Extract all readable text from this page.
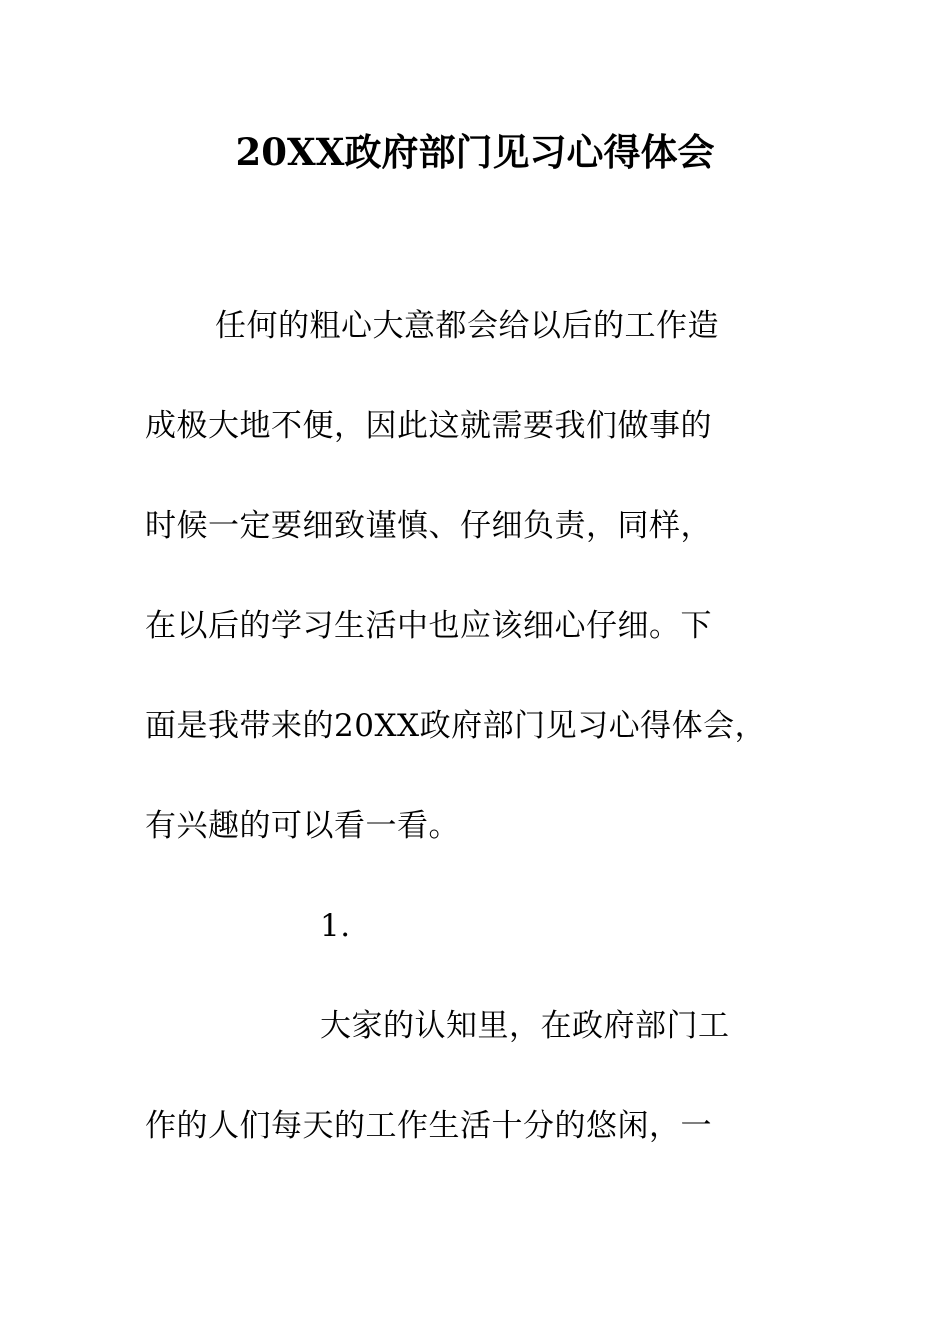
20XX政府部门见习心得体会
任何的粗心大意都会给以后的工作造
成极大地不便，因此这就需要我们做事的
时候一定要细致谨慎、仔细负责，同样，
在以后的学习生活中也应该细心仔细。下
面是我带来的20XX政府部门见习心得体会，
有兴趣的可以看一看。
1.
大家的认知里，在政府部门工
作的人们每天的工作生活十分的悠闲，一
